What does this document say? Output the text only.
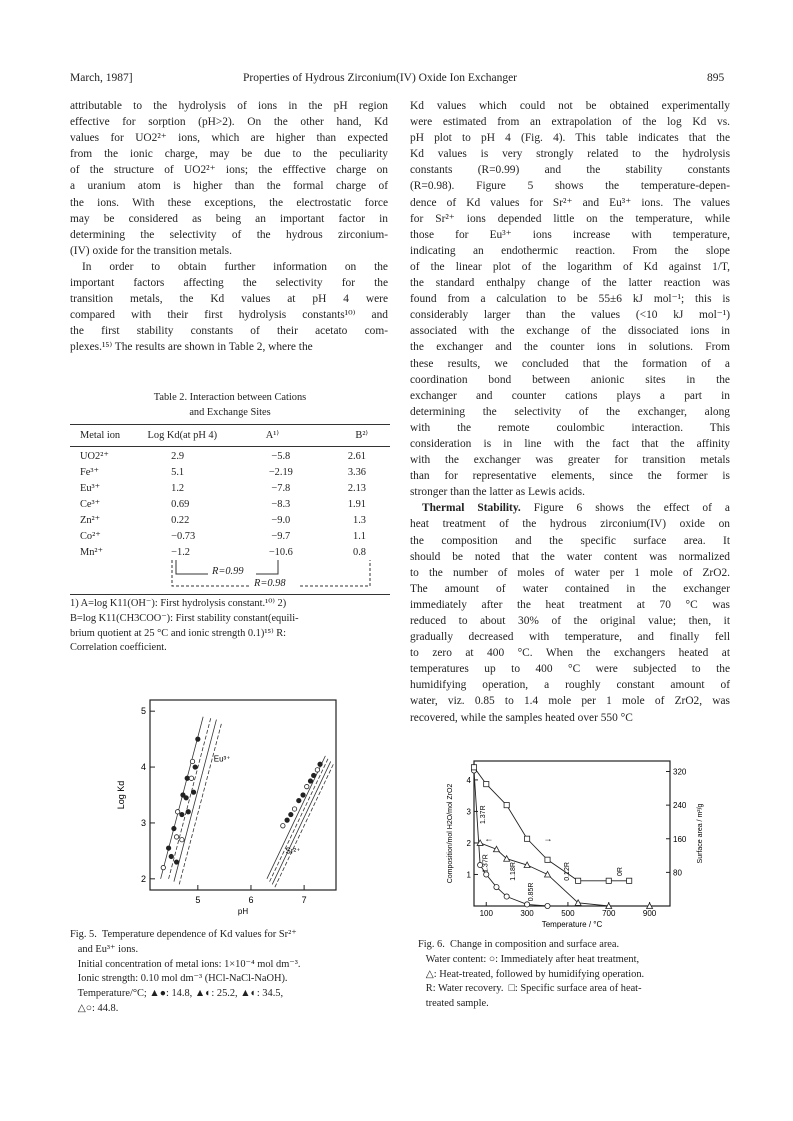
March, 1987]	Properties of Hydrous Zirconium(IV) Oxide Ion Exchanger	895
attributable to the hydrolysis of ions in the pH region
effective for sorption (pH>2). On the other hand, Kd
values for UO2²⁺ ions, which are higher than expected
from the ionic charge, may be due to the peculiarity
of the structure of UO2²⁺ ions; the efffective charge on
a uranium atom is higher than the formal charge of
the ions. With these exceptions, the electrostatic force
may be considered as being an important factor in
determining the selectivity of the hydrous zirconium-
(IV) oxide for the transition metals.
In order to obtain further information on the
important factors affecting the selectivity for the
transition metals, the Kd values at pH 4 were
compared with their first hydrolysis constants¹⁰⁾ and
the first stability constants of their acetato com-
plexes.¹⁵⁾ The results are shown in Table 2, where the
Kd values which could not be obtained experimentally
were estimated from an extrapolation of the log Kd vs.
pH plot to pH 4 (Fig. 4). This table indicates that the
Kd values is very strongly related to the hydrolysis
constants (R=0.99) and the stability constants
(R=0.98). Figure 5 shows the temperature-depen-
dence of Kd values for Sr²⁺ and Eu³⁺ ions. The values
for Sr²⁺ ions depended little on the temperature, while
those for Eu³⁺ ions increase with temperature,
indicating an endothermic reaction. From the slope
of the linear plot of the logarithm of Kd against 1/T,
the standard enthalpy change of the latter reaction was
found from a calculation to be 55±6 kJ mol⁻¹; this is
considerably larger than the values (<10 kJ mol⁻¹)
associated with the exchange of the dissociated ions in
the exchanger and the counter ions in solutions. From
these results, we concluded that the formation of a
coordination bond between anionic sites in the
exchanger and counter cations plays a part in
determining the selectivity of the exchanger, along
with the remote coulombic interaction. This
consideration is in line with the fact that the affinity
with the exchanger was greater for transition metals
than for representative elements, since the former is
stronger than the latter as Lewis acids.
Thermal Stability. Figure 6 shows the effect of a
heat treatment of the hydrous zirconium(IV) oxide on
the composition and the specific surface area. It
should be noted that the water content was normalized
to the number of moles of water per 1 mole of ZrO2.
The amount of water contained in the exchanger
immediately after the heat treatment at 70 °C was
reduced to about 30% of the original value; then, it
gradually decreased with temperature, and finally fell
to zero at 400 °C. When the exchangers heated at
temperatures up to 400 °C were subjected to the
humidifying operation, a roughly constant amount of
water, viz. 0.85 to 1.4 mole per 1 mole of ZrO2, was
recovered, while the samples heated over 550 °C
Table 2. Interaction between Cations
and Exchange Sites
Metal ion	Log Kd(at pH 4)	A¹⁾	B²⁾
UO2²⁺	2.9	−5.8	2.61
Fe³⁺	5.1	−2.19	3.36
Eu³⁺	1.2	−7.8	2.13
Ce³⁺	0.69	−8.3	1.91
Zn²⁺	0.22	−9.0	1.3
Co²⁺	−0.73	−9.7	1.1
Mn²⁺	−1.2	−10.6	0.8
R=0.99
R=0.98
1) A=log K11(OH⁻): First hydrolysis constant.¹⁰⁾ 2)
B=log K11(CH3COO⁻): First stability constant(equili-
brium quotient at 25 °C and ionic strength 0.1)¹⁵⁾ R:
Correlation coefficient.
5	6	7
2
3
4
5
pH
Log Kd
Eu³⁺
Sr²⁺
Fig. 5.  Temperature dependence of Kd values for Sr²⁺
and Eu³⁺ ions.
Initial concentration of metal ions: 1×10⁻⁴ mol dm⁻³.
Ionic strength: 0.10 mol dm⁻³ (HCl-NaCl-NaOH).
Temperature/°C; ▲●: 14.8, ▲◐: 25.2, ▲◐: 34.5,
△○: 44.8.
100	300	500	700	900
1
2
3
4
80
160
240
320
Temperature / °C
Composition/mol H2O/mol ZrO2	Surface area / m²/g
1.37R
1.37R	1.18R
0.85R
0.12R	0R
←	→
Fig. 6.  Change in composition and surface area.
Water content: ○: Immediately after heat treatment,
△: Heat-treated, followed by humidifying operation.
R: Water recovery.  □: Specific surface area of heat-
treated sample.
